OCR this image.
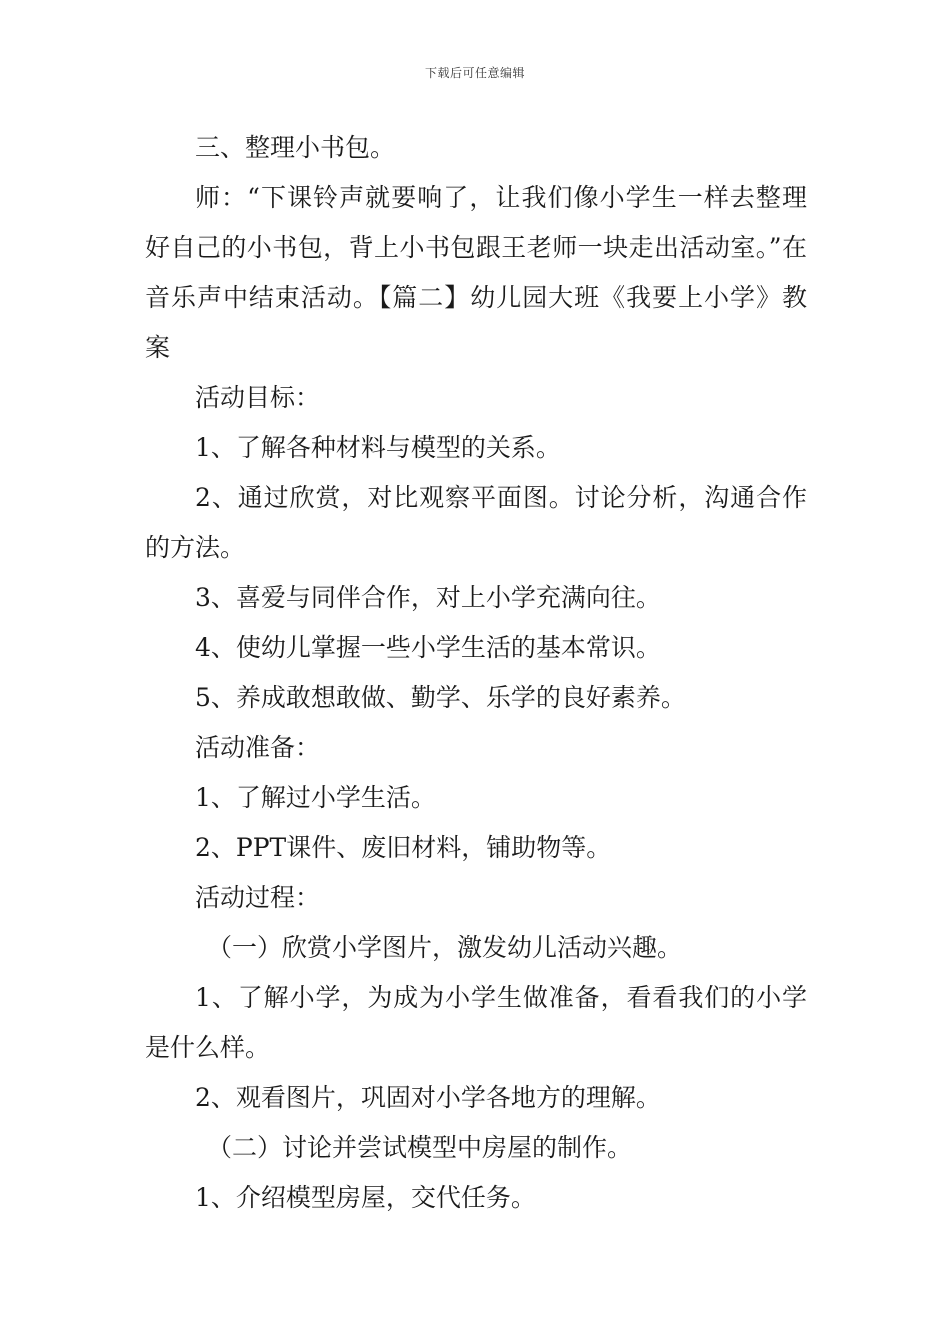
下载后可任意编辑

三、整理小书包。

师：“下课铃声就要响了，让我们像小学生一样去整理好自己的小书包，背上小书包跟王老师一块走出活动室。”在音乐声中结束活动。【篇二】幼儿园大班《我要上小学》教案

活动目标：

1、了解各种材料与模型的关系。

2、通过欣赏，对比观察平面图。讨论分析，沟通合作的方法。

3、喜爱与同伴合作，对上小学充满向往。

4、使幼儿掌握一些小学生活的基本常识。

5、养成敢想敢做、勤学、乐学的良好素养。

活动准备：

1、了解过小学生活。

2、PPT课件、废旧材料，铺助物等。

活动过程：

（一）欣赏小学图片，激发幼儿活动兴趣。

1、了解小学，为成为小学生做准备，看看我们的小学是什么样。

2、观看图片，巩固对小学各地方的理解。

（二）讨论并尝试模型中房屋的制作。

1、介绍模型房屋，交代任务。
